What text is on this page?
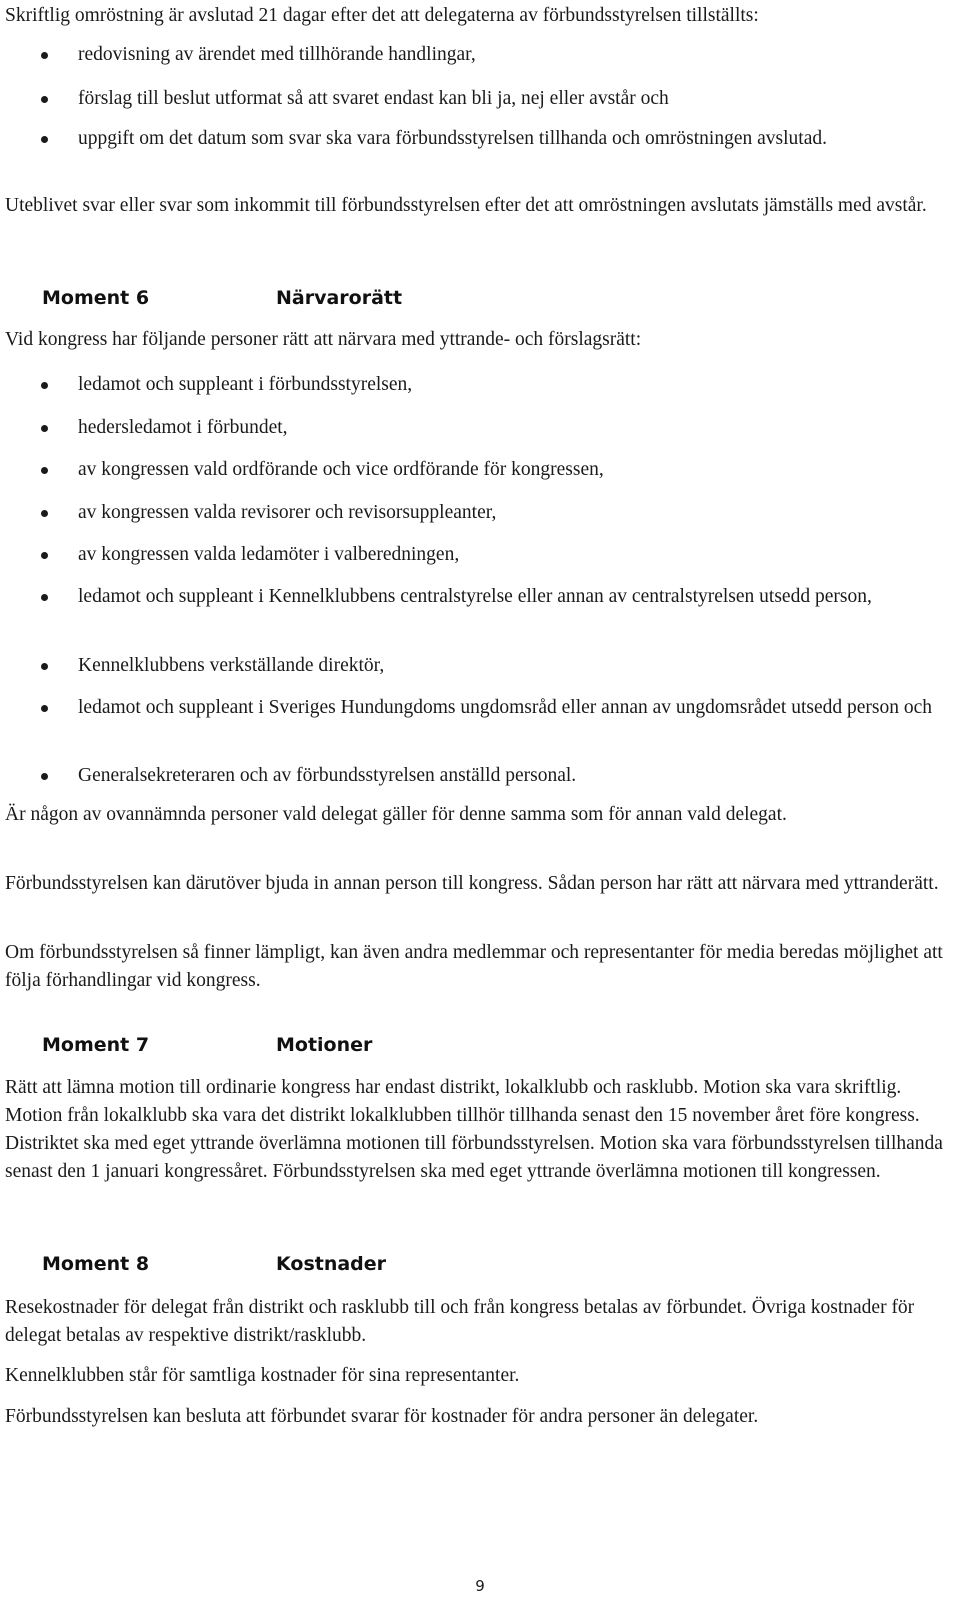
Skriftlig omröstning är avslutad 21 dagar efter det att delegaterna av förbundsstyrelsen tillställts:

redovisning av ärendet med tillhörande handlingar,
förslag till beslut utformat så att svaret endast kan bli ja, nej eller avstår och
uppgift om det datum som svar ska vara förbundsstyrelsen tillhanda och omröstningen avslutad.

Uteblivet svar eller svar som inkommit till förbundsstyrelsen efter det att omröstningen avslutats jämställs med avstår.

Moment 6	Närvarorätt

Vid kongress har följande personer rätt att närvara med yttrande- och förslagsrätt:

ledamot och suppleant i förbundsstyrelsen,
hedersledamot i förbundet,
av kongressen vald ordförande och vice ordförande för kongressen,
av kongressen valda revisorer och revisorsuppleanter,
av kongressen valda ledamöter i valberedningen,
ledamot och suppleant i Kennelklubbens centralstyrelse eller annan av centralstyrelsen utsedd person,
Kennelklubbens verkställande direktör,
ledamot och suppleant i Sveriges Hundungdoms ungdomsråd eller annan av ungdomsrådet utsedd person och
Generalsekreteraren och av förbundsstyrelsen anställd personal.

Är någon av ovannämnda personer vald delegat gäller för denne samma som för annan vald delegat.

Förbundsstyrelsen kan därutöver bjuda in annan person till kongress. Sådan person har rätt att närvara med yttranderätt.

Om förbundsstyrelsen så finner lämpligt, kan även andra medlemmar och representanter för media beredas möjlighet att följa förhandlingar vid kongress.

Moment 7	Motioner

Rätt att lämna motion till ordinarie kongress har endast distrikt, lokalklubb och rasklubb. Motion ska vara skriftlig. Motion från lokalklubb ska vara det distrikt lokalklubben tillhör tillhanda senast den 15 november året före kongress. Distriktet ska med eget yttrande överlämna motionen till förbundsstyrelsen. Motion ska vara förbundsstyrelsen tillhanda senast den 1 januari kongressåret. Förbundsstyrelsen ska med eget yttrande överlämna motionen till kongressen.

Moment 8	Kostnader

Resekostnader för delegat från distrikt och rasklubb till och från kongress betalas av förbundet. Övriga kostnader för delegat betalas av respektive distrikt/rasklubb.

Kennelklubben står för samtliga kostnader för sina representanter.

Förbundsstyrelsen kan besluta att förbundet svarar för kostnader för andra personer än delegater.

9
